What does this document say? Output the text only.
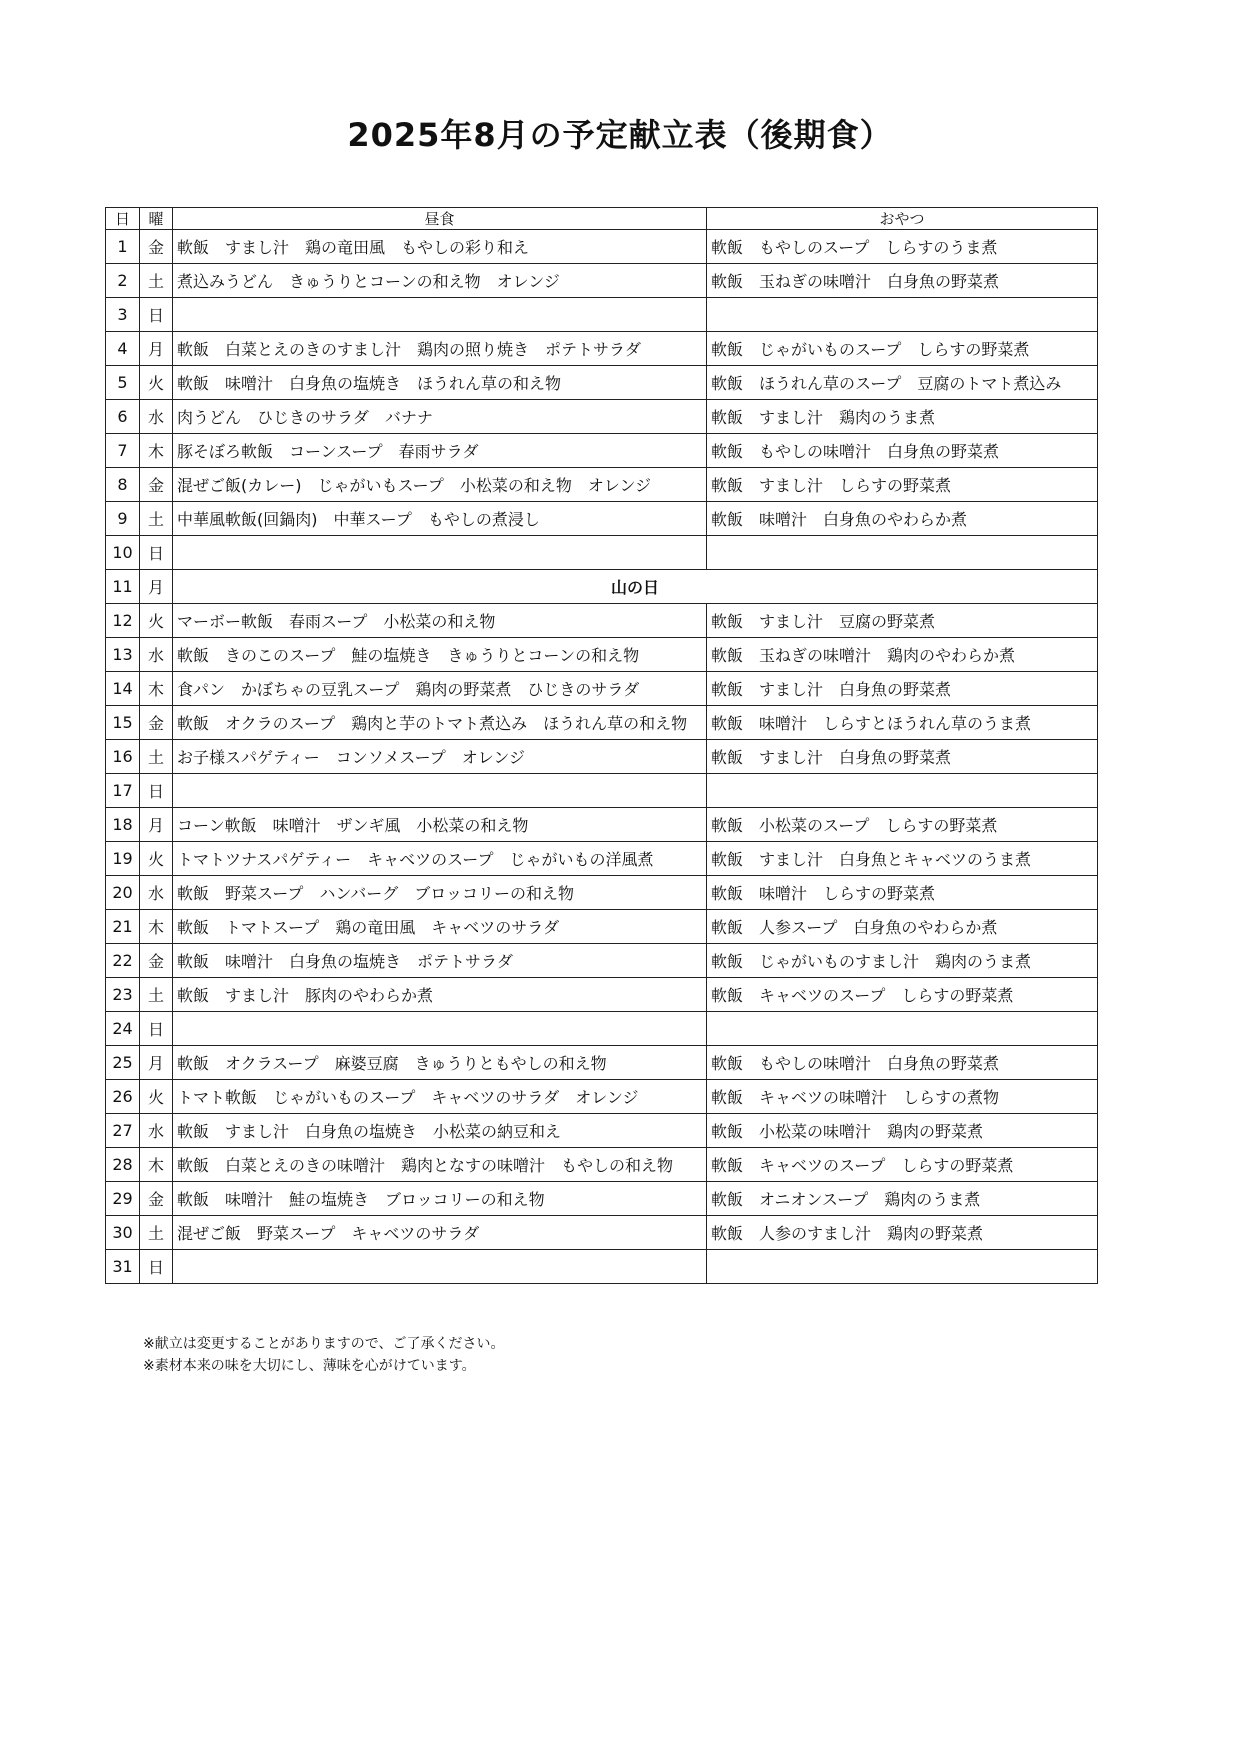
2025年8月の予定献立表（後期食）
日	曜	昼食	おやつ
1	金	軟飯　すまし汁　鶏の竜田風　もやしの彩り和え	軟飯　もやしのスープ　しらすのうま煮
2	土	煮込みうどん　きゅうりとコーンの和え物　オレンジ	軟飯　玉ねぎの味噌汁　白身魚の野菜煮
3	日		
4	月	軟飯　白菜とえのきのすまし汁　鶏肉の照り焼き　ポテトサラダ	軟飯　じゃがいものスープ　しらすの野菜煮
5	火	軟飯　味噌汁　白身魚の塩焼き　ほうれん草の和え物	軟飯　ほうれん草のスープ　豆腐のトマト煮込み
6	水	肉うどん　ひじきのサラダ　バナナ	軟飯　すまし汁　鶏肉のうま煮
7	木	豚そぼろ軟飯　コーンスープ　春雨サラダ	軟飯　もやしの味噌汁　白身魚の野菜煮
8	金	混ぜご飯(カレー)　じゃがいもスープ　小松菜の和え物　オレンジ	軟飯　すまし汁　しらすの野菜煮
9	土	中華風軟飯(回鍋肉)　中華スープ　もやしの煮浸し	軟飯　味噌汁　白身魚のやわらか煮
10	日		
11	月	山の日	
12	火	マーボー軟飯　春雨スープ　小松菜の和え物	軟飯　すまし汁　豆腐の野菜煮
13	水	軟飯　きのこのスープ　鮭の塩焼き　きゅうりとコーンの和え物	軟飯　玉ねぎの味噌汁　鶏肉のやわらか煮
14	木	食パン　かぼちゃの豆乳スープ　鶏肉の野菜煮　ひじきのサラダ	軟飯　すまし汁　白身魚の野菜煮
15	金	軟飯　オクラのスープ　鶏肉と芋のトマト煮込み　ほうれん草の和え物	軟飯　味噌汁　しらすとほうれん草のうま煮
16	土	お子様スパゲティー　コンソメスープ　オレンジ	軟飯　すまし汁　白身魚の野菜煮
17	日		
18	月	コーン軟飯　味噌汁　ザンギ風　小松菜の和え物	軟飯　小松菜のスープ　しらすの野菜煮
19	火	トマトツナスパゲティー　キャベツのスープ　じゃがいもの洋風煮	軟飯　すまし汁　白身魚とキャベツのうま煮
20	水	軟飯　野菜スープ　ハンバーグ　ブロッコリーの和え物	軟飯　味噌汁　しらすの野菜煮
21	木	軟飯　トマトスープ　鶏の竜田風　キャベツのサラダ	軟飯　人参スープ　白身魚のやわらか煮
22	金	軟飯　味噌汁　白身魚の塩焼き　ポテトサラダ	軟飯　じゃがいものすまし汁　鶏肉のうま煮
23	土	軟飯　すまし汁　豚肉のやわらか煮	軟飯　キャベツのスープ　しらすの野菜煮
24	日		
25	月	軟飯　オクラスープ　麻婆豆腐　きゅうりともやしの和え物	軟飯　もやしの味噌汁　白身魚の野菜煮
26	火	トマト軟飯　じゃがいものスープ　キャベツのサラダ　オレンジ	軟飯　キャベツの味噌汁　しらすの煮物
27	水	軟飯　すまし汁　白身魚の塩焼き　小松菜の納豆和え	軟飯　小松菜の味噌汁　鶏肉の野菜煮
28	木	軟飯　白菜とえのきの味噌汁　鶏肉となすの味噌汁　もやしの和え物	軟飯　キャベツのスープ　しらすの野菜煮
29	金	軟飯　味噌汁　鮭の塩焼き　ブロッコリーの和え物	軟飯　オニオンスープ　鶏肉のうま煮
30	土	混ぜご飯　野菜スープ　キャベツのサラダ	軟飯　人参のすまし汁　鶏肉の野菜煮
31	日		

※献立は変更することがありますので、ご了承ください。

※素材本来の味を大切にし、薄味を心がけています。
